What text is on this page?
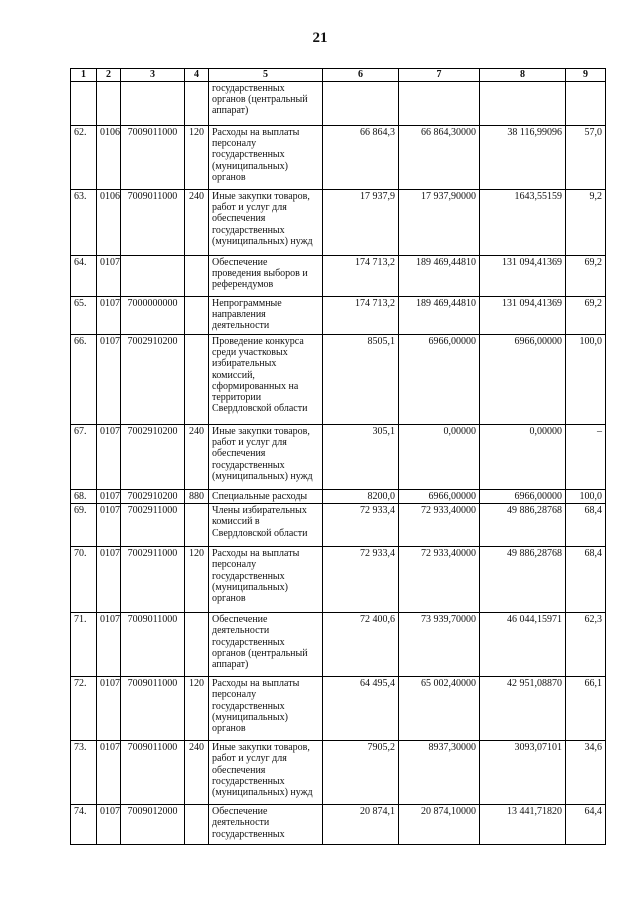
21
1	2	3	4	5	6	7	8	9
				государственных органов (центральный аппарат)				
62.	0106	7009011000	120	Расходы на выплаты персоналу государственных (муниципальных) органов	66 864,3	66 864,30000	38 116,99096	57,0
63.	0106	7009011000	240	Иные закупки товаров, работ и услуг для обеспечения государственных (муниципальных) нужд	17 937,9	17 937,90000	1643,55159	9,2
64.	0107			Обеспечение проведения выборов и референдумов	174 713,2	189 469,44810	131 094,41369	69,2
65.	0107	7000000000		Непрограммные направления деятельности	174 713,2	189 469,44810	131 094,41369	69,2
66.	0107	7002910200		Проведение конкурса среди участковых избирательных комиссий, сформированных на территории Свердловской области	8505,1	6966,00000	6966,00000	100,0
67.	0107	7002910200	240	Иные закупки товаров, работ и услуг для обеспечения государственных (муниципальных) нужд	305,1	0,00000	0,00000	–
68.	0107	7002910200	880	Специальные расходы	8200,0	6966,00000	6966,00000	100,0
69.	0107	7002911000		Члены избирательных комиссий в Свердловской области	72 933,4	72 933,40000	49 886,28768	68,4
70.	0107	7002911000	120	Расходы на выплаты персоналу государственных (муниципальных) органов	72 933,4	72 933,40000	49 886,28768	68,4
71.	0107	7009011000		Обеспечение деятельности государственных органов (центральный аппарат)	72 400,6	73 939,70000	46 044,15971	62,3
72.	0107	7009011000	120	Расходы на выплаты персоналу государственных (муниципальных) органов	64 495,4	65 002,40000	42 951,08870	66,1
73.	0107	7009011000	240	Иные закупки товаров, работ и услуг для обеспечения государственных (муниципальных) нужд	7905,2	8937,30000	3093,07101	34,6
74.	0107	7009012000		Обеспечение деятельности государственных	20 874,1	20 874,10000	13 441,71820	64,4
